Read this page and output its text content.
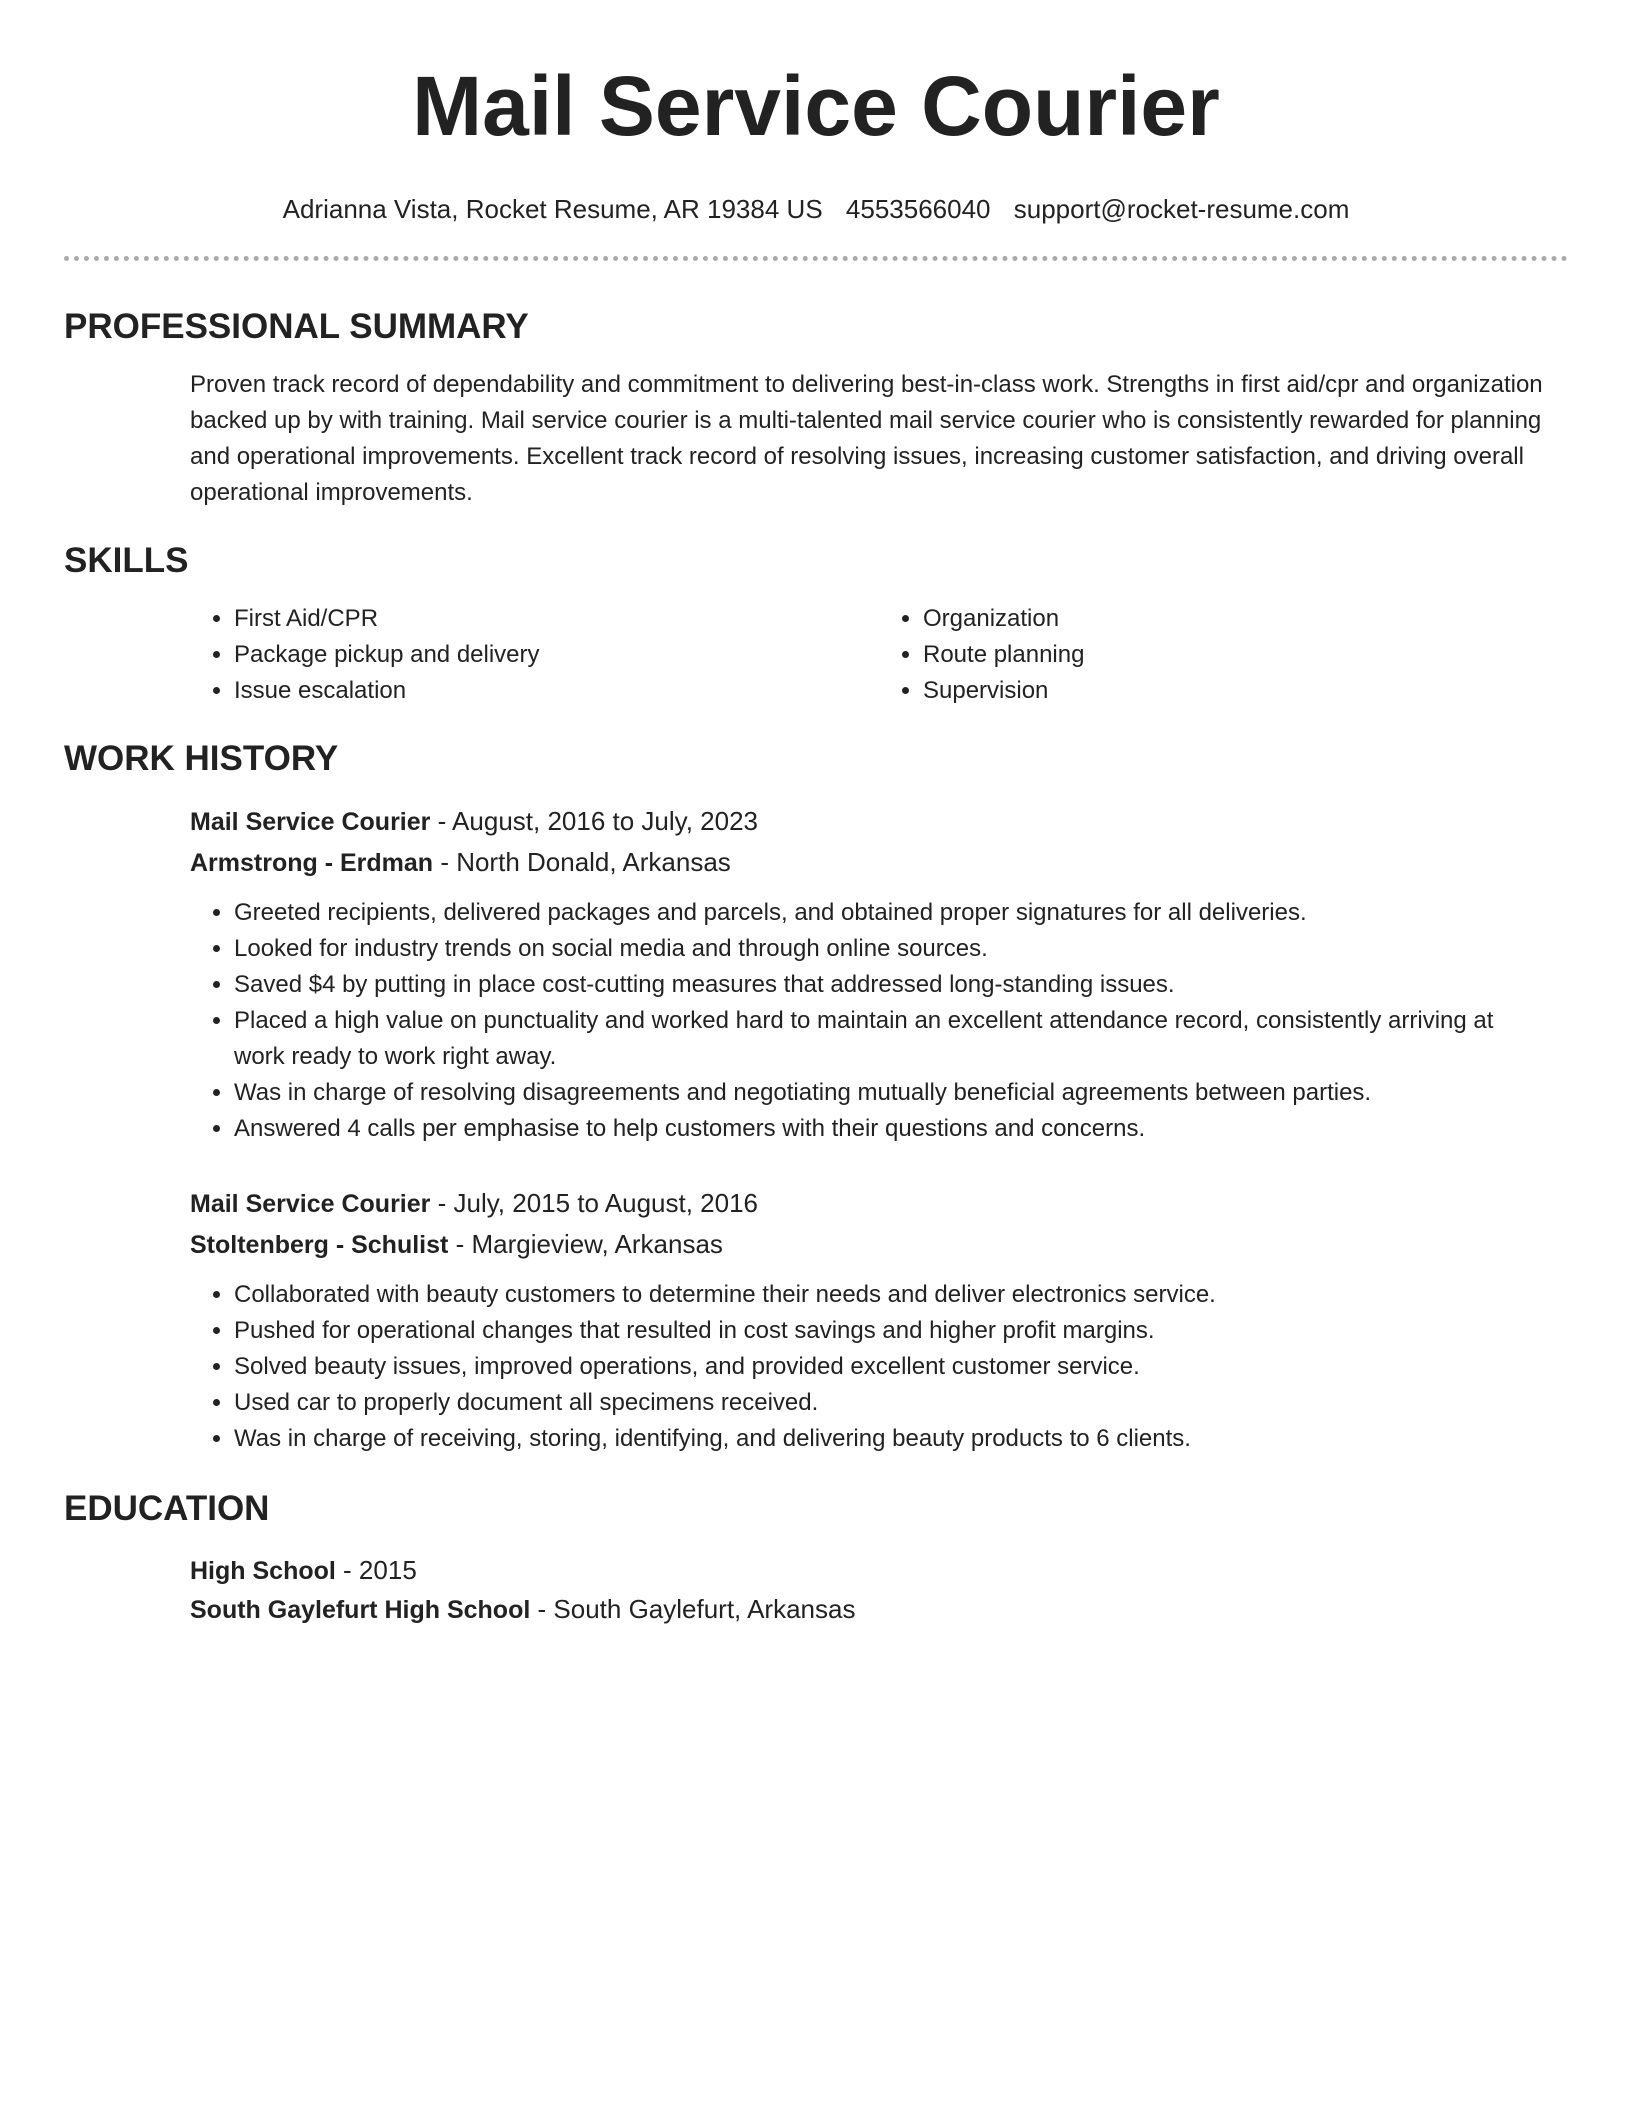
Mail Service Courier
Adrianna Vista, Rocket Resume, AR 19384 US 4553566040 support@rocket-resume.com
PROFESSIONAL SUMMARY

Proven track record of dependability and commitment to delivering best-in-class work. Strengths in first aid/cpr and organization backed up by with training. Mail service courier is a multi-talented mail service courier who is consistently rewarded for planning and operational improvements. Excellent track record of resolving issues, increasing customer satisfaction, and driving overall operational improvements.

SKILLS
• First Aid/CPR
• Package pickup and delivery
• Issue escalation
• Organization
• Route planning
• Supervision
WORK HISTORY
Mail Service Courier - August, 2016 to July, 2023
Armstrong - Erdman - North Donald, Arkansas
• Greeted recipients, delivered packages and parcels, and obtained proper signatures for all deliveries.
• Looked for industry trends on social media and through online sources.
• Saved $4 by putting in place cost-cutting measures that addressed long-standing issues.
• Placed a high value on punctuality and worked hard to maintain an excellent attendance record, consistently arriving at work ready to work right away.
• Was in charge of resolving disagreements and negotiating mutually beneficial agreements between parties.
• Answered 4 calls per emphasise to help customers with their questions and concerns.
Mail Service Courier - July, 2015 to August, 2016
Stoltenberg - Schulist - Margieview, Arkansas
• Collaborated with beauty customers to determine their needs and deliver electronics service.
• Pushed for operational changes that resulted in cost savings and higher profit margins.
• Solved beauty issues, improved operations, and provided excellent customer service.
• Used car to properly document all specimens received.
• Was in charge of receiving, storing, identifying, and delivering beauty products to 6 clients.
EDUCATION
High School - 2015
South Gaylefurt High School - South Gaylefurt, Arkansas
